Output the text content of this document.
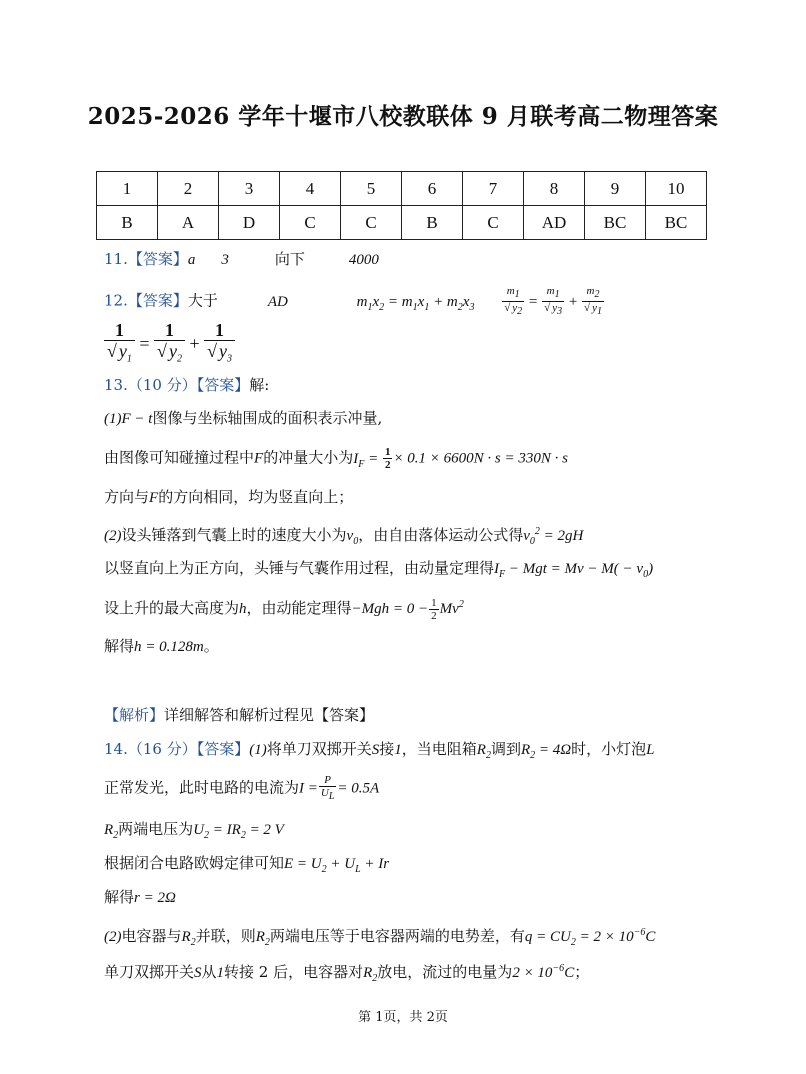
2025-2026 学年十堰市八校教联体 9 月联考高二物理答案
1	2	3	4	5	6	7	8	9	10
B	A	D	C	C	B	C	AD	BC	BC
11.【答案】a 3	向下	4000
12.【答案】大于	AD	$m_1x_2 = m_1x_1 + m_2x_3$	$\frac{m_1}{√ y_2} = \frac{m_1}{√ y_3} + \frac{m_2}{√ y_1}$
$\frac{1}{√ y_1} = \frac{1}{√ y_2} + \frac{1}{√ y_3}$
13.（10 分）【答案】解:
(1)F − t图像与坐标轴围成的面积表示冲量,
由图像可知碰撞过程中F的冲量大小为$I_F = \frac{1}{2} \times 0.1 \times 6600N \cdot s = 330N \cdot s$
方向与F的方向相同，均为竖直向上；
(2)设头锤落到气囊上时的速度大小为$v_0$，由自由落体运动公式得$v_0^2 = 2gH$
以竖直向上为正方向，头锤与气囊作用过程，由动量定理得$I_F$ − Mgt = $Mv - M( - v_0)$
设上升的最大高度为h，由动能定理得$-Mgh = 0 - \frac{1}{2} Mv^2$
解得h = 0.128m。
【解析】详细解答和解析过程见【答案】
14.（16 分）【答案】(1)将单刀双掷开关S接1，当电阻箱$R_2$调到$R_2 = 4\Omega$时，小灯泡L
正常发光，此时电路的电流为$I = \frac{P}{U_L} = 0.5A$
$R_2$两端电压为$U_2 = IR_2 = 2$ V
根据闭合电路欧姆定律可知$E = U_2 + U_L + Ir$
解得r = 2Ω
(2)电容器与$R_2$并联，则$R_2$两端电压等于电容器两端的电势差，有$q = CU_2 = 2 \times 10^{-6}C$
单刀双掷开关S从1转接 2 后，电容器对$R_2$放电，流过的电量为$2 \times 10^{-6}C$；
第 1页，共 2页
